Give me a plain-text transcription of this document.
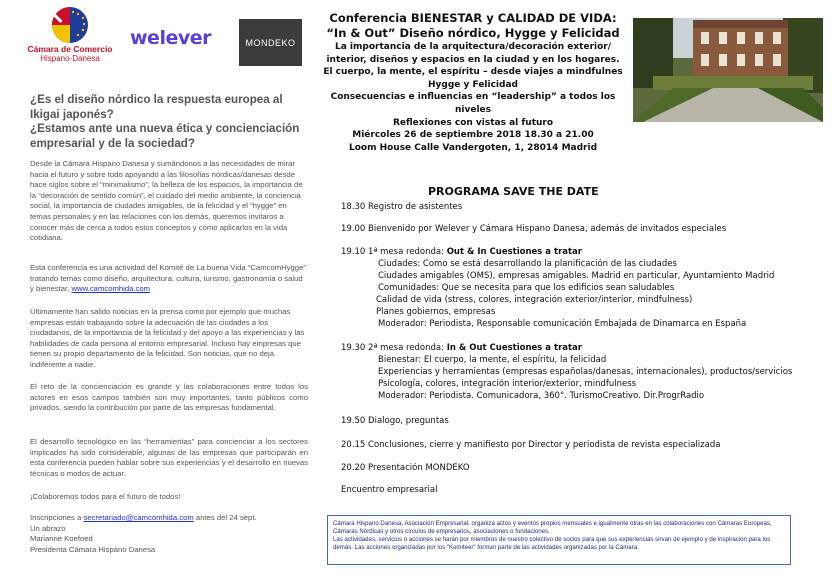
Cámara de Comercio
Hispano-Danesa
welever	MONDEKO

¿Es el diseño nórdico la respuesta europea al Ikigai japonés?

¿Estamos ante una nueva ética y concienciación empresarial y de la sociedad?

Desde la Cámara Hispano Danesa y sumándonos a las necesidades de mirar hacia el futuro y sobre todo apoyando a las filosofías nórdicas/danesas desde hace siglos sobre el “minimalismo”, la belleza de los espacios, la importancia de la “decoración de sentido común”, el cuidado del medio ambiente, la conciencia social, la importancia de ciudades amigables, de la felicidad y el “hygge” en temas personales y en las relaciones con los demás, queremos invitaros a conocer más de cerca a todos estos conceptos y cómo aplicarlos en la vida cotidiana.

Esta conferencia es una actividad del Komité de La buena Vida “CamcomHygge” tratando temas como diseño, arquitectura, cultura, turismo, gastronomía o salud y bienestar, www.camcomhida.com

Últimamente han salido noticias en la prensa como por ejemplo que muchas empresas están trabajando sobre la adecuación de las ciudades a los ciudadanos, de la importancia de la felicidad y del apoyo a las experiencias y las habilidades de cada persona al entorno empresarial. Incluso hay empresas que tienen su propio departamento de la felicidad. Son noticias, que no deja indiferente a nadie.

El reto de la concienciación es grande y las colaboraciones entre todos los actores en esos campos también son muy importantes, tanto públicos como privados, siendo la contribución por parte de las empresas fundamental.

El desarrollo tecnológico en las “herramientas” para concienciar a los sectores implicados ha sido considerable, algunas de las empresas que participarán en esta conferencia pueden hablar sobre sus experiencias y el desarrollo en nuevas técnicas o modos de actuar.

¡Colaboremos todos para el futuro de todos!

Inscripciones a secretariado@camcomhida.com antes del 24 sept.
Un abrazo
Marianne Koefoed
Presidenta Cámara Hispano Danesa
Conferencia BIENESTAR y CALIDAD DE VIDA:
“In & Out” Diseño nórdico, Hygge y Felicidad
La importancia de la arquitectura/decoración exterior/
interior, diseños y espacios en la ciudad y en los hogares.
El cuerpo, la mente, el espíritu – desde viajes a mindfulnes
Hygge y Felicidad
Consecuencias e influencias en “leadership” a todos los niveles
Reflexiones con vistas al futuro
Miércoles 26 de septiembre 2018 18.30 a 21.00
Loom House Calle Vandergoten, 1, 28014 Madrid
PROGRAMA SAVE THE DATE

18.30 Registro de asistentes

19.00 Bienvenido por Welever y Cámara Hispano Danesa, además de invitados especiales

19.10 1ª mesa redonda: Out & In Cuestiones a tratar

Ciudades: Como se está desarrollando la planificación de las ciudades

Ciudades amigables (OMS), empresas amigables. Madrid en particular, Ayuntamiento Madrid

Comunidades: Que se necesita para que los edificios sean saludables

Calidad de vida (stress, colores, integración exterior/interior, mindfulness)

Planes gobiernos, empresas

Moderador: Periodista, Responsable comunicación Embajada de Dinamarca en España

19.30 2ª mesa redonda: In & Out Cuestiones a tratar

Bienestar: El cuerpo, la mente, el espíritu, la felicidad

Experiencias y herramientas (empresas españolas/danesas, internacionales), productos/servicios

Psicología, colores, integración interior/exterior, mindfulness

Moderador: Periodista. Comunicadora, 360°. TurismoCreativo. Dir.ProgrRadio

19.50 Dialogo, preguntas

20.15 Conclusiones, cierre y manifiesto por Director y periodista de revista especializada

20.20 Presentación MONDEKO

Encuentro empresarial

Cámara Hispano Danesa, Asociación Empresarial, organiza actos y eventos propios mensuales e igualmente otras en las colaboraciones con Cámaras Europeas, Cámaras Nórdicas y otros círculos de empresarios, asociaciones o fundaciones.

Las actividades, servicios o acciones se harán por miembros de nuestro colectivo de socios para que sus experiencias sirvan de ejemplo y de inspiración para los demás. Las acciones organizadas por los "Komiteer" forman parte de las actividades organizadas por la Cámara.
